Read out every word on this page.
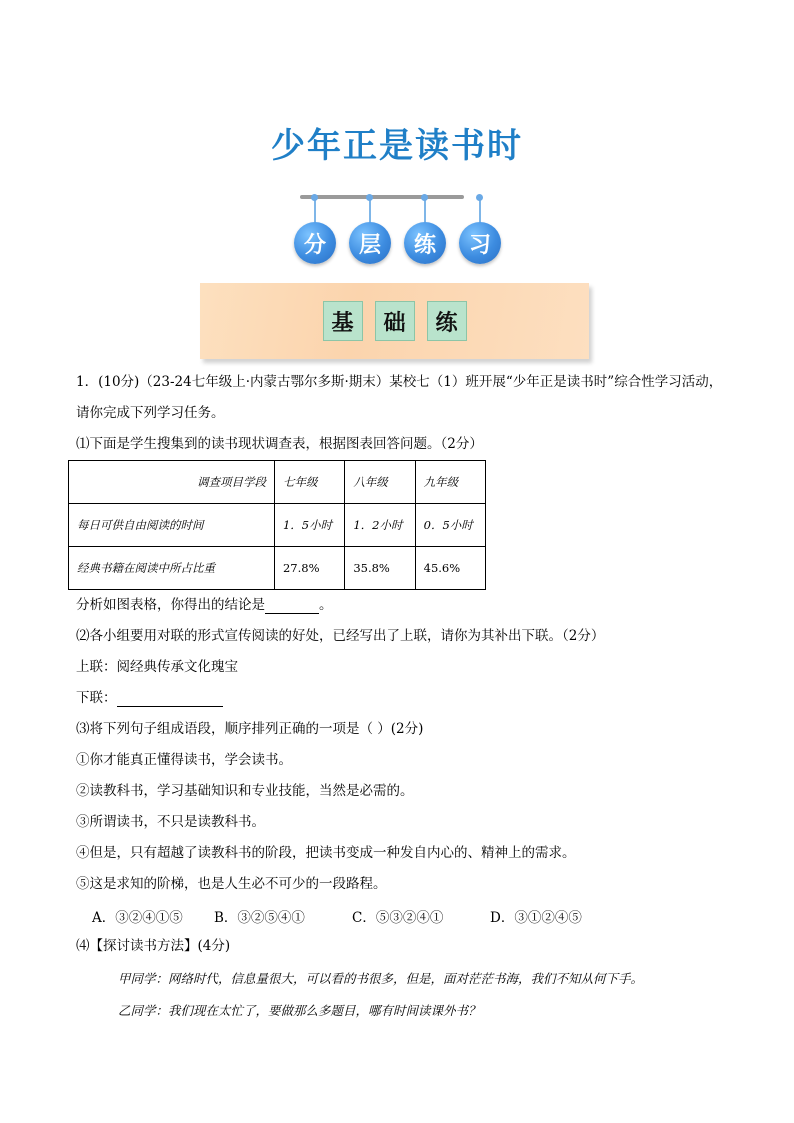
少年正是读书时
分	层	练	习
基	础	练
1．(10分)（23-24七年级上·内蒙古鄂尔多斯·期末）某校七（1）班开展“少年正是读书时”综合性学习活动，
请你完成下列学习任务。
⑴下面是学生搜集到的读书现状调查表，根据图表回答问题。（2分）
调查项目学段	七年级	八年级	九年级
每日可供自由阅读的时间	1．5小时	1．2小时	0．5小时
经典书籍在阅读中所占比重	27.8%	35.8%	45.6%
分析如图表格，你得出的结论是	。
⑵各小组要用对联的形式宣传阅读的好处，已经写出了上联，请你为其补出下联。（2分）
上联：阅经典传承文化瑰宝
下联：
⑶将下列句子组成语段，顺序排列正确的一项是（ ）(2分)
①你才能真正懂得读书，学会读书。
②读教科书，学习基础知识和专业技能，当然是必需的。
③所谓读书，不只是读教科书。
④但是，只有超越了读教科书的阶段，把读书变成一种发自内心的、精神上的需求。
⑤这是求知的阶梯，也是人生必不可少的一段路程。
A．③②④①⑤ B．③②⑤④①	C．⑤③②④①	D．③①②④⑤
⑷【探讨读书方法】(4分)
甲同学：网络时代，信息量很大，可以看的书很多，但是，面对茫茫书海，我们不知从何下手。
乙同学：我们现在太忙了，要做那么多题目，哪有时间读课外书？
